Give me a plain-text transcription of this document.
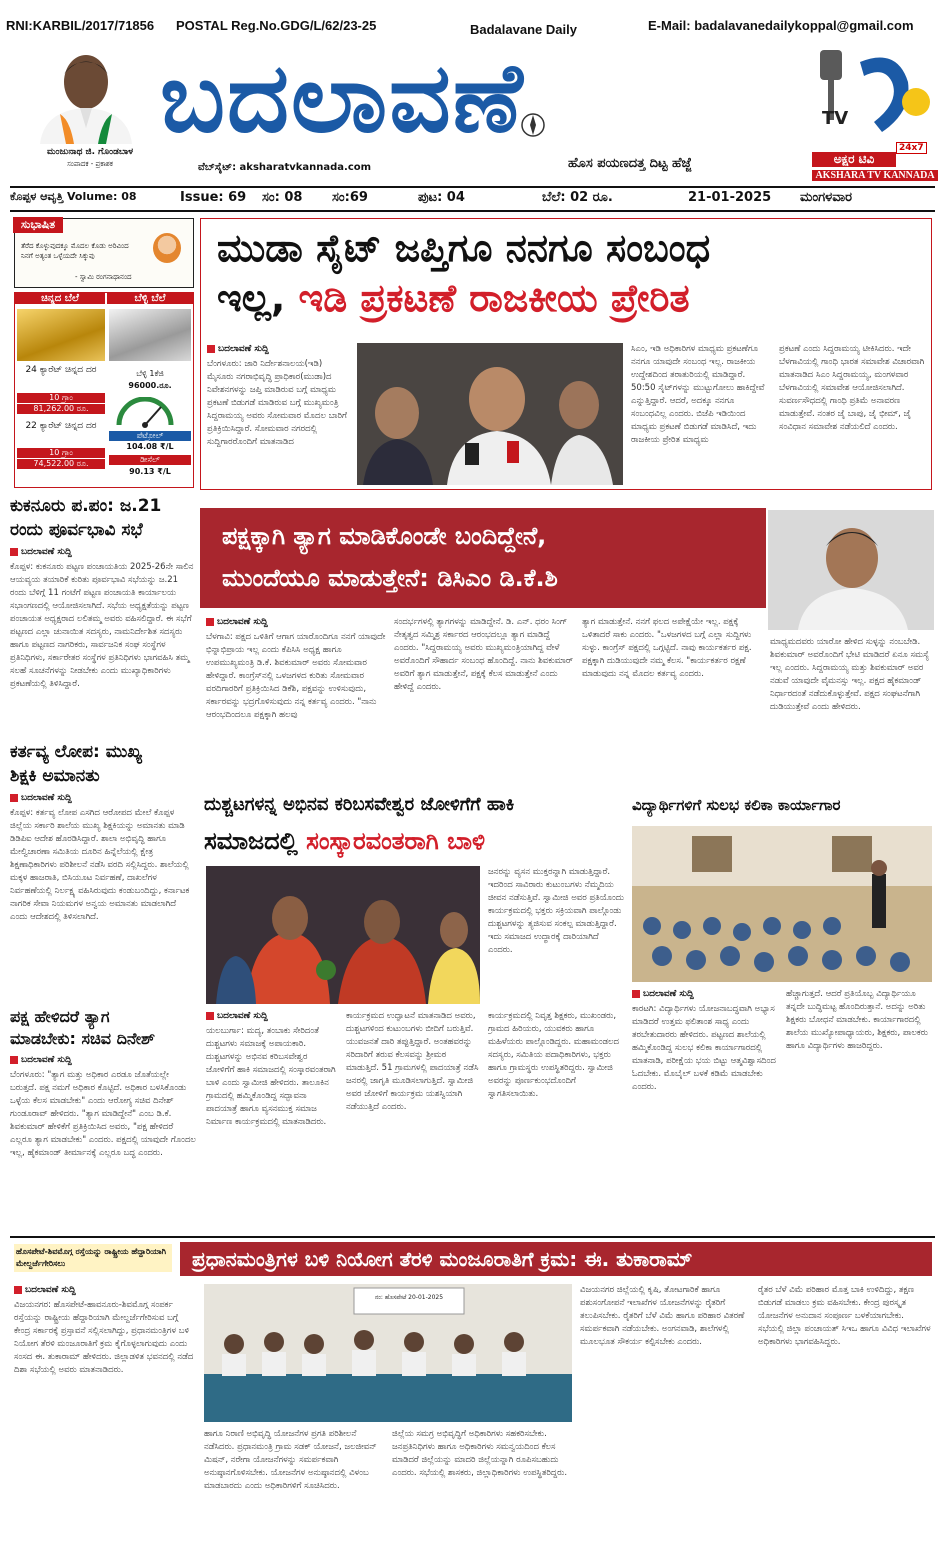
RNI:KARBIL/2017/71856 POSTAL Reg.No.GDG/L/62/23-25	Badalavane Daily	E-Mail: badalavanedailykoppal@gmail.com
ಮಂಜುನಾಥ ಜಿ. ಗೊಂಡಬಾಳ
ಸಂಪಾದಕ - ಪ್ರಕಾಶಕ
ಬದಲಾವಣೆ
ವೆಬ್‌ಸೈಟ್: aksharatvkannada.com	ಹೊಸ ಪಯಣದತ್ತ ದಿಟ್ಟ ಹೆಜ್ಜೆ
TV
24x7
ಅಕ್ಷರ ಟಿವಿ
AKSHARA TV KANNADA
ಕೊಪ್ಪಳ ಆವೃತ್ತಿ Volume: 08	Issue: 69 ಸಂ: 08 ಸಂ:69	ಪುಟ: 04	ಬೆಲೆ: 02 ರೂ.	21-01-2025 ಮಂಗಳವಾರ
ಸುಭಾಷಿತ
ತೆರೆದ ಕೊಳ್ಳುವುದಕ್ಕೂ ಮೊದಲ ಕೊಡು ಅರಿವಿಂದ ನಿನಗೆ ಅತ್ಯಂತ ಒಳ್ಳೆಯದೇ ಸಿಕ್ಕುವು
- ಸ್ವಾಮಿ ರಂಗನಾಥಾನಂದ
ಚಿನ್ನದ ಬೆಲೆ	ಬೆಳ್ಳಿ ಬೆಲೆ
24 ಕ್ಯಾರೆಟ್ ಚಿನ್ನದ ದರ
10 ಗ್ರಾಂ
81,262.00 ರೂ.
22 ಕ್ಯಾರೆಟ್ ಚಿನ್ನದ ದರ
10 ಗ್ರಾಂ
74,522.00 ರೂ.
ಬೆಳ್ಳಿ 1ಕೆಜಿ
96000.ರೂ.
ಪೆಟ್ರೋಲ್
104.08 ₹/L
ಡೀಸೆಲ್
90.13 ₹/L
ಮುಡಾ ಸೈಟ್ ಜಪ್ತಿಗೂ ನನಗೂ ಸಂಬಂಧ
ಇಲ್ಲ, ಇಡಿ ಪ್ರಕಟಣೆ ರಾಜಕೀಯ ಪ್ರೇರಿತ
ಬದಲಾವಣೆ ಸುದ್ದಿ
ಬೆಂಗಳೂರು: ಜಾರಿ ನಿರ್ದೇಶನಾಲಯ(ಇಡಿ) ಮೈಸೂರು ನಗರಾಭಿವೃದ್ಧಿ ಪ್ರಾಧಿಕಾರ(ಮುಡಾ)ದ ನಿವೇಶನಗಳನ್ನು ಜಪ್ತಿ ಮಾಡಿರುವ ಬಗ್ಗೆ ಮಾಧ್ಯಮ ಪ್ರಕಟಣೆ ಬಿಡುಗಡೆ ಮಾಡಿರುವ ಬಗ್ಗೆ ಮುಖ್ಯಮಂತ್ರಿ ಸಿದ್ದರಾಮಯ್ಯ ಅವರು ಸೋಮವಾರ ಮೊದಲ ಬಾರಿಗೆ ಪ್ರತಿಕ್ರಿಯಿಸಿದ್ದಾರೆ. ಸೋಮವಾರ ನಗರದಲ್ಲಿ ಸುದ್ದಿಗಾರರೊಂದಿಗೆ ಮಾತನಾಡಿದ
ಸಿಎಂ, ಇಡಿ ಅಧಿಕಾರಿಗಳ ಮಾಧ್ಯಮ ಪ್ರಕಟಣೆಗೂ ನನಗೂ ಯಾವುದೇ ಸಂಬಂಧ ಇಲ್ಲ. ರಾಜಕೀಯ ಉದ್ದೇಶದಿಂದ ತರಾತುರಿಯಲ್ಲಿ ಮಾಡಿದ್ದಾರೆ. 50:50 ಸೈಟ್‌ಗಳನ್ನು ಮುಟ್ಟುಗೋಲು ಹಾಕಿದ್ದೇವೆ ಎನ್ನುತ್ತಿದ್ದಾರೆ. ಆದರೆ, ಅದಕ್ಕೂ ನನಗೂ ಸಂಬಂಧವಿಲ್ಲ ಎಂದರು. ಬಿಜೆಪಿ ಇಡಿಯಿಂದ ಮಾಧ್ಯಮ ಪ್ರಕಟಣೆ ಬಿಡುಗಡೆ ಮಾಡಿಸಿದೆ, ಇದು ರಾಜಕೀಯ ಪ್ರೇರಿತ ಮಾಧ್ಯಮ
ಪ್ರಕಟಣೆ ಎಂದು ಸಿದ್ದರಾಮಯ್ಯ ಟೀಕಿಸಿದರು. ಇದೇ ಬೆಳಗಾವಿಯಲ್ಲಿ ಗಾಂಧಿ ಭಾರತ ಸಮಾವೇಶ ವಿಚಾರವಾಗಿ ಮಾತನಾಡಿದ ಸಿಎಂ ಸಿದ್ದರಾಮಯ್ಯ, ಮಂಗಳವಾರ ಬೆಳಗಾವಿಯಲ್ಲಿ ಸಮಾವೇಶ ಆಯೋಜಿಸಲಾಗಿದೆ. ಸುವರ್ಣಸೌಧದಲ್ಲಿ ಗಾಂಧಿ ಪ್ರತಿಮೆ ಅನಾವರಣ ಮಾಡುತ್ತೇವೆ. ನಂತರ ಜೈ ಬಾಪು, ಜೈ ಭೀಮ್, ಜೈ ಸಂವಿಧಾನ ಸಮಾವೇಶ ನಡೆಯಲಿದೆ ಎಂದರು.
ಕುಕನೂರು ಪ.ಪಂ: ಜ.21
ರಂದು ಪೂರ್ವಭಾವಿ ಸಭೆ
ಬದಲಾವಣೆ ಸುದ್ದಿ
ಕೊಪ್ಪಳ: ಕುಕನೂರು ಪಟ್ಟಣ ಪಂಚಾಯತಿಯ 2025-26ನೇ ಸಾಲಿನ ಆಯವ್ಯಯ ತಯಾರಿಕೆ ಕುರಿತು ಪೂರ್ವಭಾವಿ ಸಭೆಯನ್ನು ಜ.21 ರಂದು ಬೆಳಿಗ್ಗೆ 11 ಗಂಟೆಗೆ ಪಟ್ಟಣ ಪಂಚಾಯತಿ ಕಾರ್ಯಾಲಯ ಸಭಾಂಗಣದಲ್ಲಿ ಆಯೋಜಿಸಲಾಗಿದೆ. ಸಭೆಯ ಅಧ್ಯಕ್ಷತೆಯನ್ನು ಪಟ್ಟಣ ಪಂಚಾಯತ ಅಧ್ಯಕ್ಷರಾದ ಲಲಿತಮ್ಮ ಅವರು ವಹಿಸಲಿದ್ದಾರೆ. ಈ ಸಭೆಗೆ ಪಟ್ಟಣದ ಎಲ್ಲಾ ಚುನಾಯಿತ ಸದಸ್ಯರು, ನಾಮನಿರ್ದೇಶಿತ ಸದಸ್ಯರು ಹಾಗೂ ಪಟ್ಟಣದ ನಾಗರಿಕರು, ಸಾರ್ವಜನಿಕ ಸಂಘ ಸಂಸ್ಥೆಗಳ ಪ್ರತಿನಿಧಿಗಳು, ಸರ್ಕಾರೇತರ ಸಂಸ್ಥೆಗಳ ಪ್ರತಿನಿಧಿಗಳು ಭಾಗವಹಿಸಿ ತಮ್ಮ ಸಲಹೆ ಸೂಚನೆಗಳನ್ನು ನೀಡಬೇಕು ಎಂದು ಮುಖ್ಯಾಧಿಕಾರಿಗಳು ಪ್ರಕಟಣೆಯಲ್ಲಿ ತಿಳಿಸಿದ್ದಾರೆ.
ಪಕ್ಷಕ್ಕಾಗಿ ತ್ಯಾಗ ಮಾಡಿಕೊಂಡೇ ಬಂದಿದ್ದೇನೆ,
ಮುಂದೆಯೂ ಮಾಡುತ್ತೇನೆ: ಡಿಸಿಎಂ ಡಿ.ಕೆ.ಶಿ
ಬದಲಾವಣೆ ಸುದ್ದಿ
ಬೆಳಗಾವಿ: ಪಕ್ಷದ ಒಳಿತಿಗೆ ಆಗಾಗ ಯಾರೊಂದಿಗೂ ನನಗೆ ಯಾವುದೇ ಭಿನ್ನಾಭಿಪ್ರಾಯ ಇಲ್ಲ ಎಂದು ಕೆಪಿಸಿಸಿ ಅಧ್ಯಕ್ಷ ಹಾಗೂ ಉಪಮುಖ್ಯಮಂತ್ರಿ ಡಿ.ಕೆ. ಶಿವಕುಮಾರ್ ಅವರು ಸೋಮವಾರ ಹೇಳಿದ್ದಾರೆ. ಕಾಂಗ್ರೆಸ್‌ನಲ್ಲಿ ಒಳಜಗಳದ ಕುರಿತು ಸೋಮವಾರ ವರದಿಗಾರರಿಗೆ ಪ್ರತಿಕ್ರಿಯಿಸಿದ ಡಿಕೆಶಿ, ಪಕ್ಷವನ್ನು ಉಳಿಸುವುದು, ಸರ್ಕಾರವನ್ನು ಭದ್ರಗೊಳಿಸುವುದು ನನ್ನ ಕರ್ತವ್ಯ ಎಂದರು. "ನಾನು ಆರಂಭದಿಂದಲೂ ಪಕ್ಷಕ್ಕಾಗಿ ಹಲವು
ಸಂದರ್ಭಗಳಲ್ಲಿ ತ್ಯಾಗಗಳನ್ನು ಮಾಡಿದ್ದೇನೆ. ಡಿ. ಎನ್. ಧರಂ ಸಿಂಗ್ ನೇತೃತ್ವದ ಸಮ್ಮಿಶ್ರ ಸರ್ಕಾರದ ಆರಂಭದಲ್ಲೂ ತ್ಯಾಗ ಮಾಡಿದ್ದೆ ಎಂದರು. "ಸಿದ್ದರಾಮಯ್ಯ ಅವರು ಮುಖ್ಯಮಂತ್ರಿಯಾಗಿದ್ದ ವೇಳೆ ಅವರೊಂದಿಗೆ ಸೌಹಾರ್ದ ಸಂಬಂಧ ಹೊಂದಿದ್ದೆ. ನಾನು ಶಿವಕುಮಾರ್ ಅವರಿಗೆ ತ್ಯಾಗ ಮಾಡುತ್ತೇನೆ, ಪಕ್ಷಕ್ಕೆ ಕೆಲಸ ಮಾಡುತ್ತೇನೆ ಎಂದು ಹೇಳಿದ್ದೆ ಎಂದರು.
ತ್ಯಾಗ ಮಾಡುತ್ತೇನೆ. ನನಗೆ ಫಲದ ಅಪೇಕ್ಷೆಯೇ ಇಲ್ಲ. ಪಕ್ಷಕ್ಕೆ ಒಳಿತಾದರೆ ಸಾಕು ಎಂದರು. "ಒಳಜಗಳದ ಬಗ್ಗೆ ಎಲ್ಲಾ ಸುದ್ದಿಗಳು ಸುಳ್ಳು. ಕಾಂಗ್ರೆಸ್ ಪಕ್ಷದಲ್ಲಿ ಒಗ್ಗಟ್ಟಿದೆ. ನಾವು ಕಾರ್ಯಕರ್ತರ ಪಕ್ಷ. ಪಕ್ಷಕ್ಕಾಗಿ ದುಡಿಯುವುದೇ ನಮ್ಮ ಕೆಲಸ. "ಕಾರ್ಯಕರ್ತರ ರಕ್ಷಣೆ ಮಾಡುವುದು ನನ್ನ ಮೊದಲ ಕರ್ತವ್ಯ ಎಂದರು.
ಮಾಧ್ಯಮದವರು ಯಾರೋ ಹೇಳಿದ ಸುಳ್ಳನ್ನು ನಂಬಬೇಡಿ. ಶಿವಕುಮಾರ್ ಅವರೊಂದಿಗೆ ಭೇಟಿ ಮಾಡಿದರೆ ಏನೂ ಸಮಸ್ಯೆ ಇಲ್ಲ ಎಂದರು. ಸಿದ್ದರಾಮಯ್ಯ ಮತ್ತು ಶಿವಕುಮಾರ್ ಅವರ ನಡುವೆ ಯಾವುದೇ ವೈಮನಸ್ಸು ಇಲ್ಲ. ಪಕ್ಷದ ಹೈಕಮಾಂಡ್ ನಿರ್ಧಾರದಂತೆ ನಡೆದುಕೊಳ್ಳುತ್ತೇವೆ. ಪಕ್ಷದ ಸಂಘಟನೆಗಾಗಿ ದುಡಿಯುತ್ತೇವೆ ಎಂದು ಹೇಳಿದರು.
ಕರ್ತವ್ಯ ಲೋಪ: ಮುಖ್ಯ
ಶಿಕ್ಷಕಿ ಅಮಾನತು
ಬದಲಾವಣೆ ಸುದ್ದಿ
ಕೊಪ್ಪಳ: ಕರ್ತವ್ಯ ಲೋಪ ಎಸಗಿದ ಆರೋಪದ ಮೇಲೆ ಕೊಪ್ಪಳ ಜಿಲ್ಲೆಯ ಸರ್ಕಾರಿ ಶಾಲೆಯ ಮುಖ್ಯ ಶಿಕ್ಷಕಿಯನ್ನು ಅಮಾನತು ಮಾಡಿ ಡಿಡಿಪಿಐ ಆದೇಶ ಹೊರಡಿಸಿದ್ದಾರೆ. ಶಾಲಾ ಅಭಿವೃದ್ಧಿ ಹಾಗೂ ಮೇಲ್ವಿಚಾರಣಾ ಸಮಿತಿಯ ದೂರಿನ ಹಿನ್ನೆಲೆಯಲ್ಲಿ ಕ್ಷೇತ್ರ ಶಿಕ್ಷಣಾಧಿಕಾರಿಗಳು ಪರಿಶೀಲನೆ ನಡೆಸಿ ವರದಿ ಸಲ್ಲಿಸಿದ್ದರು. ಶಾಲೆಯಲ್ಲಿ ಮಕ್ಕಳ ಹಾಜರಾತಿ, ಬಿಸಿಯೂಟ ನಿರ್ವಹಣೆ, ದಾಖಲೆಗಳ ನಿರ್ವಹಣೆಯಲ್ಲಿ ನಿರ್ಲಕ್ಷ್ಯ ವಹಿಸಿರುವುದು ಕಂಡುಬಂದಿದ್ದು, ಕರ್ನಾಟಕ ನಾಗರಿಕ ಸೇವಾ ನಿಯಮಗಳ ಅನ್ವಯ ಅಮಾನತು ಮಾಡಲಾಗಿದೆ ಎಂದು ಆದೇಶದಲ್ಲಿ ತಿಳಿಸಲಾಗಿದೆ.
ದುಶ್ಚಟಗಳನ್ನ ಅಭಿನವ ಕರಿಬಸವೇಶ್ವರ ಜೋಳಿಗೆಗೆ ಹಾಕಿ
ಸಮಾಜದಲ್ಲಿ ಸಂಸ್ಕಾರವಂತರಾಗಿ ಬಾಳಿ
ಜನರನ್ನು ವ್ಯಸನ ಮುಕ್ತರನ್ನಾಗಿ ಮಾಡುತ್ತಿದ್ದಾರೆ. ಇದರಿಂದ ಸಾವಿರಾರು ಕುಟುಂಬಗಳು ನೆಮ್ಮದಿಯ ಜೀವನ ನಡೆಸುತ್ತಿವೆ. ಸ್ವಾಮೀಜಿ ಅವರ ಪ್ರತಿಯೊಂದು ಕಾರ್ಯಕ್ರಮದಲ್ಲಿ ಭಕ್ತರು ಸಕ್ರಿಯವಾಗಿ ಪಾಲ್ಗೊಂಡು ದುಶ್ಚಟಗಳನ್ನು ತ್ಯಜಿಸುವ ಸಂಕಲ್ಪ ಮಾಡುತ್ತಿದ್ದಾರೆ. ಇದು ಸಮಾಜದ ಉದ್ಧಾರಕ್ಕೆ ದಾರಿಯಾಗಿದೆ ಎಂದರು.
ಬದಲಾವಣೆ ಸುದ್ದಿ
ಯಲಬುರ್ಗಾ: ಮದ್ಯ, ತಂಬಾಕು ಸೇರಿದಂತೆ ದುಶ್ಚಟಗಳು ಸಮಾಜಕ್ಕೆ ಅಪಾಯಕಾರಿ. ದುಶ್ಚಟಗಳನ್ನು ಅಭಿನವ ಕರಿಬಸವೇಶ್ವರ ಜೋಳಿಗೆಗೆ ಹಾಕಿ ಸಮಾಜದಲ್ಲಿ ಸಂಸ್ಕಾರವಂತರಾಗಿ ಬಾಳಿ ಎಂದು ಸ್ವಾಮೀಜಿ ಹೇಳಿದರು. ತಾಲೂಕಿನ ಗ್ರಾಮದಲ್ಲಿ ಹಮ್ಮಿಕೊಂಡಿದ್ದ ಸದ್ಭಾವನಾ ಪಾದಯಾತ್ರೆ ಹಾಗೂ ವ್ಯಸನಮುಕ್ತ ಸಮಾಜ ನಿರ್ಮಾಣ ಕಾರ್ಯಕ್ರಮದಲ್ಲಿ ಮಾತನಾಡಿದರು.
ಕಾರ್ಯಕ್ರಮದ ಉದ್ಘಾಟನೆ ಮಾತನಾಡಿದ ಅವರು, ದುಶ್ಚಟಗಳಿಂದ ಕುಟುಂಬಗಳು ಬೀದಿಗೆ ಬರುತ್ತಿವೆ. ಯುವಜನತೆ ದಾರಿ ತಪ್ಪುತ್ತಿದ್ದಾರೆ. ಅಂತಹವರನ್ನು ಸರಿದಾರಿಗೆ ತರುವ ಕೆಲಸವನ್ನು ಶ್ರೀಮಠ ಮಾಡುತ್ತಿದೆ. 51 ಗ್ರಾಮಗಳಲ್ಲಿ ಪಾದಯಾತ್ರೆ ನಡೆಸಿ ಜನರಲ್ಲಿ ಜಾಗೃತಿ ಮೂಡಿಸಲಾಗುತ್ತಿದೆ. ಸ್ವಾಮೀಜಿ ಅವರ ಜೋಳಿಗೆ ಕಾರ್ಯಕ್ರಮ ಯಶಸ್ವಿಯಾಗಿ ನಡೆಯುತ್ತಿದೆ ಎಂದರು.
ಕಾರ್ಯಕ್ರಮದಲ್ಲಿ ನಿವೃತ್ತ ಶಿಕ್ಷಕರು, ಮುಖಂಡರು, ಗ್ರಾಮದ ಹಿರಿಯರು, ಯುವಕರು ಹಾಗೂ ಮಹಿಳೆಯರು ಪಾಲ್ಗೊಂಡಿದ್ದರು. ಮಹಾಮಂಡಲದ ಸದಸ್ಯರು, ಸಮಿತಿಯ ಪದಾಧಿಕಾರಿಗಳು, ಭಕ್ತರು ಹಾಗೂ ಗ್ರಾಮಸ್ಥರು ಉಪಸ್ಥಿತರಿದ್ದರು. ಸ್ವಾಮೀಜಿ ಅವರನ್ನು ಪೂರ್ಣಕುಂಭದೊಂದಿಗೆ ಸ್ವಾಗತಿಸಲಾಯಿತು.
ವಿದ್ಯಾರ್ಥಿಗಳಿಗೆ ಸುಲಭ ಕಲಿಕಾ ಕಾರ್ಯಾಗಾರ
ಬದಲಾವಣೆ ಸುದ್ದಿ
ಕಾರಟಗಿ: ವಿದ್ಯಾರ್ಥಿಗಳು ಯೋಜನಾಬದ್ಧವಾಗಿ ಅಭ್ಯಾಸ ಮಾಡಿದರೆ ಉತ್ತಮ ಫಲಿತಾಂಶ ಸಾಧ್ಯ ಎಂದು ತರಬೇತುದಾರರು ಹೇಳಿದರು. ಪಟ್ಟಣದ ಶಾಲೆಯಲ್ಲಿ ಹಮ್ಮಿಕೊಂಡಿದ್ದ ಸುಲಭ ಕಲಿಕಾ ಕಾರ್ಯಾಗಾರದಲ್ಲಿ ಮಾತನಾಡಿ, ಪರೀಕ್ಷೆಯ ಭಯ ಬಿಟ್ಟು ಆತ್ಮವಿಶ್ವಾಸದಿಂದ ಓದಬೇಕು. ಮೊಬೈಲ್ ಬಳಕೆ ಕಡಿಮೆ ಮಾಡಬೇಕು ಎಂದರು.
ಹೆಚ್ಚಾಗುತ್ತದೆ. ಆದರೆ ಪ್ರತಿಯೊಬ್ಬ ವಿದ್ಯಾರ್ಥಿಯೂ ತನ್ನದೇ ಬುದ್ಧಿಮಟ್ಟ ಹೊಂದಿರುತ್ತಾನೆ. ಅದನ್ನು ಅರಿತು ಶಿಕ್ಷಕರು ಬೋಧನೆ ಮಾಡಬೇಕು. ಕಾರ್ಯಾಗಾರದಲ್ಲಿ ಶಾಲೆಯ ಮುಖ್ಯೋಪಾಧ್ಯಾಯರು, ಶಿಕ್ಷಕರು, ಪಾಲಕರು ಹಾಗೂ ವಿದ್ಯಾರ್ಥಿಗಳು ಹಾಜರಿದ್ದರು.
ಪಕ್ಷ ಹೇಳಿದರೆ ತ್ಯಾಗ
ಮಾಡಬೇಕು: ಸಚಿವ ದಿನೇಶ್
ಬದಲಾವಣೆ ಸುದ್ದಿ
ಬೆಂಗಳೂರು: "ತ್ಯಾಗ ಮತ್ತು ಅಧಿಕಾರ ಎರಡೂ ಜೊತೆಯಲ್ಲೇ ಬರುತ್ತದೆ. ಪಕ್ಷ ನಮಗೆ ಅಧಿಕಾರ ಕೊಟ್ಟಿದೆ. ಅಧಿಕಾರ ಬಳಸಿಕೊಂಡು ಒಳ್ಳೆಯ ಕೆಲಸ ಮಾಡಬೇಕು" ಎಂದು ಆರೋಗ್ಯ ಸಚಿವ ದಿನೇಶ್ ಗುಂಡೂರಾವ್ ಹೇಳಿದರು. "ತ್ಯಾಗ ಮಾಡಿದ್ದೇನೆ" ಎಂಬ ಡಿ.ಕೆ. ಶಿವಕುಮಾರ್ ಹೇಳಿಕೆಗೆ ಪ್ರತಿಕ್ರಿಯಿಸಿದ ಅವರು, "ಪಕ್ಷ ಹೇಳಿದರೆ ಎಲ್ಲರೂ ತ್ಯಾಗ ಮಾಡಬೇಕು" ಎಂದರು. ಪಕ್ಷದಲ್ಲಿ ಯಾವುದೇ ಗೊಂದಲ ಇಲ್ಲ, ಹೈಕಮಾಂಡ್ ತೀರ್ಮಾನಕ್ಕೆ ಎಲ್ಲರೂ ಬದ್ಧ ಎಂದರು.
ಹೊಸಪೇಟೆ-ಶಿವಮೊಗ್ಗ ರಸ್ತೆಯನ್ನು ರಾಷ್ಟ್ರೀಯ ಹೆದ್ದಾರಿಯಾಗಿ ಮೇಲ್ದರ್ಜೆಗೇರಿಸಲು	ಪ್ರಧಾನಮಂತ್ರಿಗಳ ಬಳಿ ನಿಯೋಗ ತೆರಳಿ ಮಂಜೂರಾತಿಗೆ ಕ್ರಮ: ಈ. ತುಕಾರಾಮ್
ಬದಲಾವಣೆ ಸುದ್ದಿ
ವಿಜಯನಗರ: ಹೊಸಪೇಟೆ-ಹಾವನೂರು-ಶಿವಮೊಗ್ಗ ಸಂಪರ್ಕ ರಸ್ತೆಯನ್ನು ರಾಷ್ಟ್ರೀಯ ಹೆದ್ದಾರಿಯಾಗಿ ಮೇಲ್ದರ್ಜೆಗೇರಿಸುವ ಬಗ್ಗೆ ಕೇಂದ್ರ ಸರ್ಕಾರಕ್ಕೆ ಪ್ರಸ್ತಾವನೆ ಸಲ್ಲಿಸಲಾಗಿದ್ದು, ಪ್ರಧಾನಮಂತ್ರಿಗಳ ಬಳಿ ನಿಯೋಗ ತೆರಳಿ ಮಂಜೂರಾತಿಗೆ ಕ್ರಮ ಕೈಗೊಳ್ಳಲಾಗುವುದು ಎಂದು ಸಂಸದ ಈ. ತುಕಾರಾಮ್ ಹೇಳಿದರು. ಜಿಲ್ಲಾಡಳಿತ ಭವನದಲ್ಲಿ ನಡೆದ ದಿಶಾ ಸಭೆಯಲ್ಲಿ ಅವರು ಮಾತನಾಡಿದರು.
ನಂ: ಹೊಸಪೇಟೆ 20-01-2025
ಹಾಗೂ ನಿರಾಣಿ ಅಭಿವೃದ್ಧಿ ಯೋಜನೆಗಳ ಪ್ರಗತಿ ಪರಿಶೀಲನೆ ನಡೆಸಿದರು. ಪ್ರಧಾನಮಂತ್ರಿ ಗ್ರಾಮ ಸಡಕ್ ಯೋಜನೆ, ಜಲಜೀವನ್ ಮಿಷನ್, ನರೇಗಾ ಯೋಜನೆಗಳನ್ನು ಸಮರ್ಪಕವಾಗಿ ಅನುಷ್ಠಾನಗೊಳಿಸಬೇಕು. ಯೋಜನೆಗಳ ಅನುಷ್ಠಾನದಲ್ಲಿ ವಿಳಂಬ ಮಾಡಬಾರದು ಎಂದು ಅಧಿಕಾರಿಗಳಿಗೆ ಸೂಚಿಸಿದರು.
ಜಿಲ್ಲೆಯ ಸಮಗ್ರ ಅಭಿವೃದ್ಧಿಗೆ ಅಧಿಕಾರಿಗಳು ಸಹಕರಿಸಬೇಕು. ಜನಪ್ರತಿನಿಧಿಗಳು ಹಾಗೂ ಅಧಿಕಾರಿಗಳು ಸಮನ್ವಯದಿಂದ ಕೆಲಸ ಮಾಡಿದರೆ ಜಿಲ್ಲೆಯನ್ನು ಮಾದರಿ ಜಿಲ್ಲೆಯನ್ನಾಗಿ ರೂಪಿಸಬಹುದು ಎಂದರು. ಸಭೆಯಲ್ಲಿ ಶಾಸಕರು, ಜಿಲ್ಲಾಧಿಕಾರಿಗಳು ಉಪಸ್ಥಿತರಿದ್ದರು.
ವಿಜಯನಗರ ಜಿಲ್ಲೆಯಲ್ಲಿ ಕೃಷಿ, ತೋಟಗಾರಿಕೆ ಹಾಗೂ ಪಶುಸಂಗೋಪನೆ ಇಲಾಖೆಗಳ ಯೋಜನೆಗಳನ್ನು ರೈತರಿಗೆ ತಲುಪಿಸಬೇಕು. ರೈತರಿಗೆ ಬೆಳೆ ವಿಮೆ ಹಾಗೂ ಪರಿಹಾರ ವಿತರಣೆ ಸಮರ್ಪಕವಾಗಿ ನಡೆಯಬೇಕು. ಅಂಗನವಾಡಿ, ಶಾಲೆಗಳಲ್ಲಿ ಮೂಲಭೂತ ಸೌಕರ್ಯ ಕಲ್ಪಿಸಬೇಕು ಎಂದರು.
ರೈತರ ಬೆಳೆ ವಿಮೆ ಪರಿಹಾರ ಮೊತ್ತ ಬಾಕಿ ಉಳಿದಿದ್ದು, ತಕ್ಷಣ ಬಿಡುಗಡೆ ಮಾಡಲು ಕ್ರಮ ವಹಿಸಬೇಕು. ಕೇಂದ್ರ ಪುರಸ್ಕೃತ ಯೋಜನೆಗಳ ಅನುದಾನ ಸಂಪೂರ್ಣ ಬಳಕೆಯಾಗಬೇಕು. ಸಭೆಯಲ್ಲಿ ಜಿಲ್ಲಾ ಪಂಚಾಯತ್ ಸಿಇಒ ಹಾಗೂ ವಿವಿಧ ಇಲಾಖೆಗಳ ಅಧಿಕಾರಿಗಳು ಭಾಗವಹಿಸಿದ್ದರು.
